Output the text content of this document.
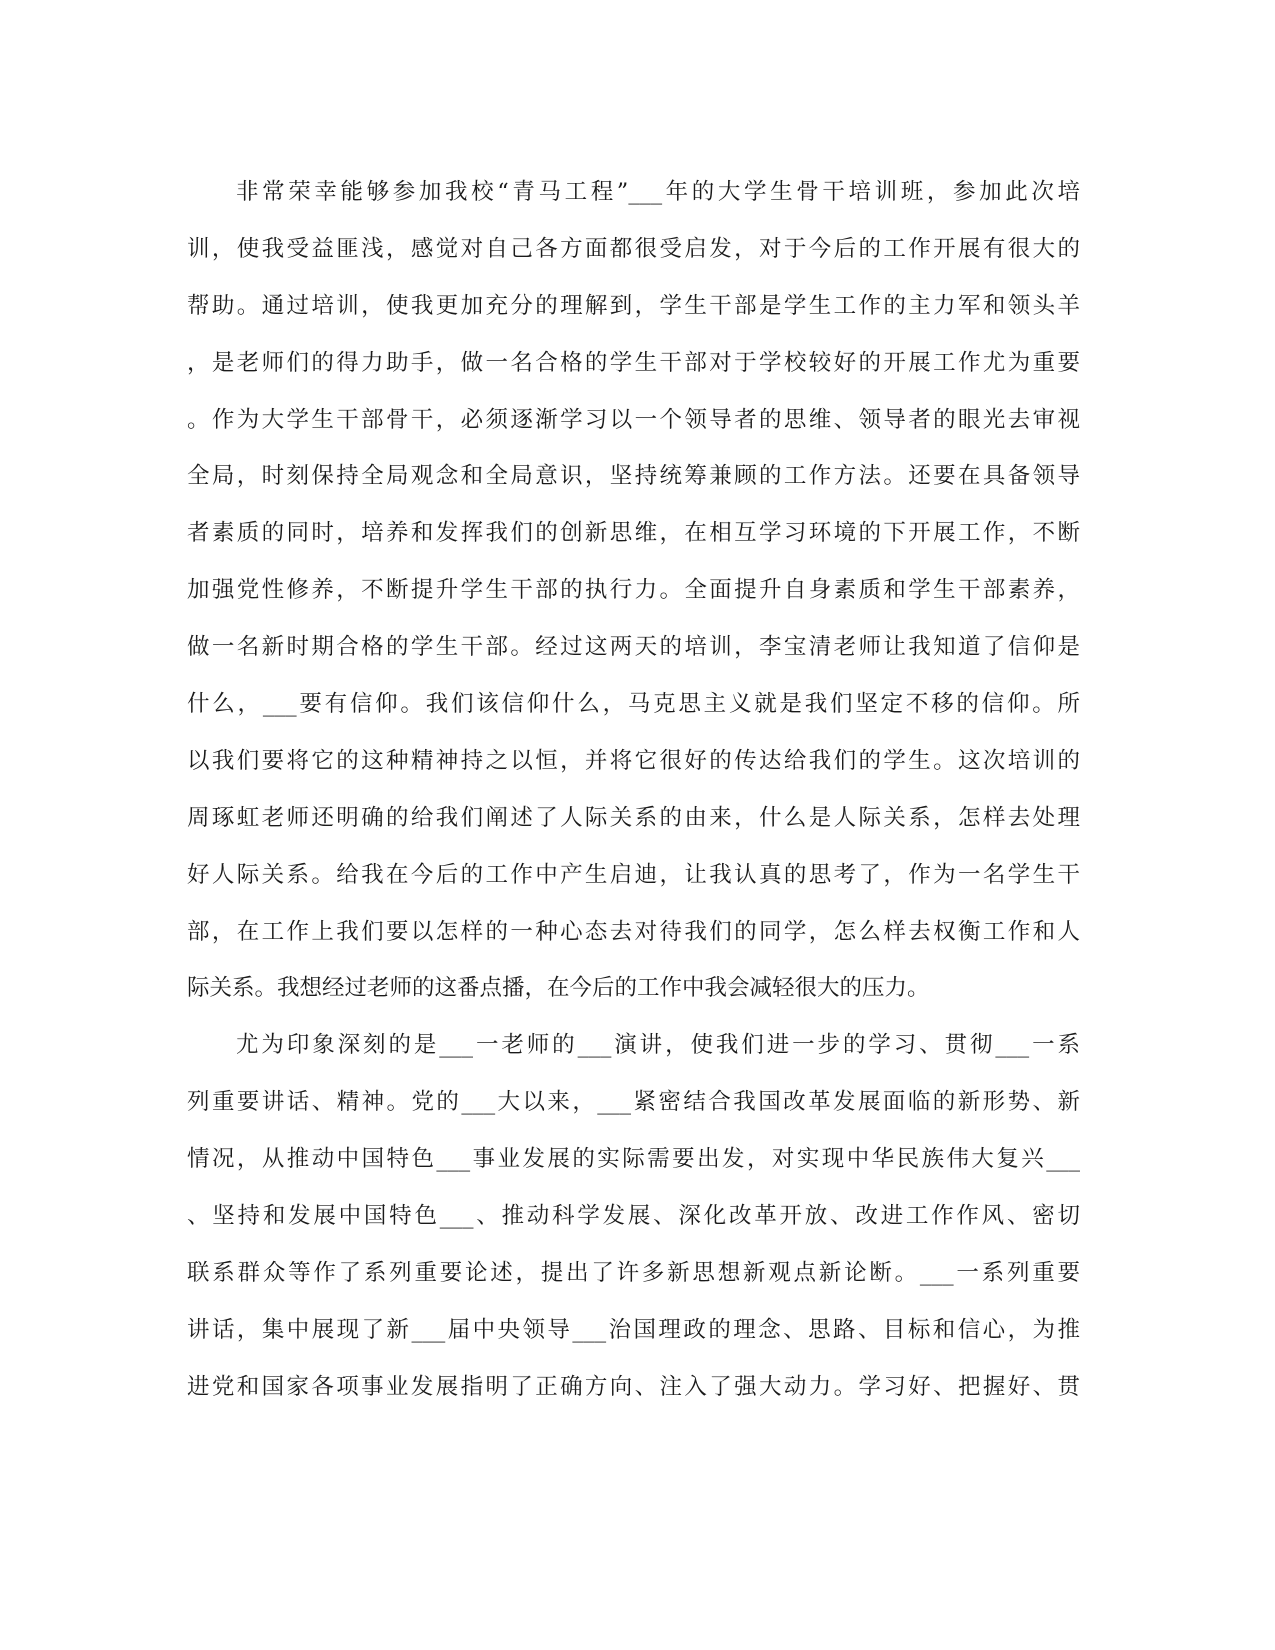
非常荣幸能够参加我校“青马工程”___年的大学生骨干培训班，参加此次培
训，使我受益匪浅，感觉对自己各方面都很受启发，对于今后的工作开展有很大的
帮助。通过培训，使我更加充分的理解到，学生干部是学生工作的主力军和领头羊
，是老师们的得力助手，做一名合格的学生干部对于学校较好的开展工作尤为重要
。作为大学生干部骨干，必须逐渐学习以一个领导者的思维、领导者的眼光去审视
全局，时刻保持全局观念和全局意识，坚持统筹兼顾的工作方法。还要在具备领导
者素质的同时，培养和发挥我们的创新思维，在相互学习环境的下开展工作，不断
加强党性修养，不断提升学生干部的执行力。全面提升自身素质和学生干部素养，
做一名新时期合格的学生干部。经过这两天的培训，李宝清老师让我知道了信仰是
什么，___要有信仰。我们该信仰什么，马克思主义就是我们坚定不移的信仰。所
以我们要将它的这种精神持之以恒，并将它很好的传达给我们的学生。这次培训的
周琢虹老师还明确的给我们阐述了人际关系的由来，什么是人际关系，怎样去处理
好人际关系。给我在今后的工作中产生启迪，让我认真的思考了，作为一名学生干
部，在工作上我们要以怎样的一种心态去对待我们的同学，怎么样去权衡工作和人
际关系。我想经过老师的这番点播，在今后的工作中我会减轻很大的压力。
尤为印象深刻的是___一老师的___演讲，使我们进一步的学习、贯彻___一系
列重要讲话、精神。党的___大以来，___紧密结合我国改革发展面临的新形势、新
情况，从推动中国特色___事业发展的实际需要出发，对实现中华民族伟大复兴___
、坚持和发展中国特色___、推动科学发展、深化改革开放、改进工作作风、密切
联系群众等作了系列重要论述，提出了许多新思想新观点新论断。___一系列重要
讲话，集中展现了新___届中央领导___治国理政的理念、思路、目标和信心，为推
进党和国家各项事业发展指明了正确方向、注入了强大动力。学习好、把握好、贯
